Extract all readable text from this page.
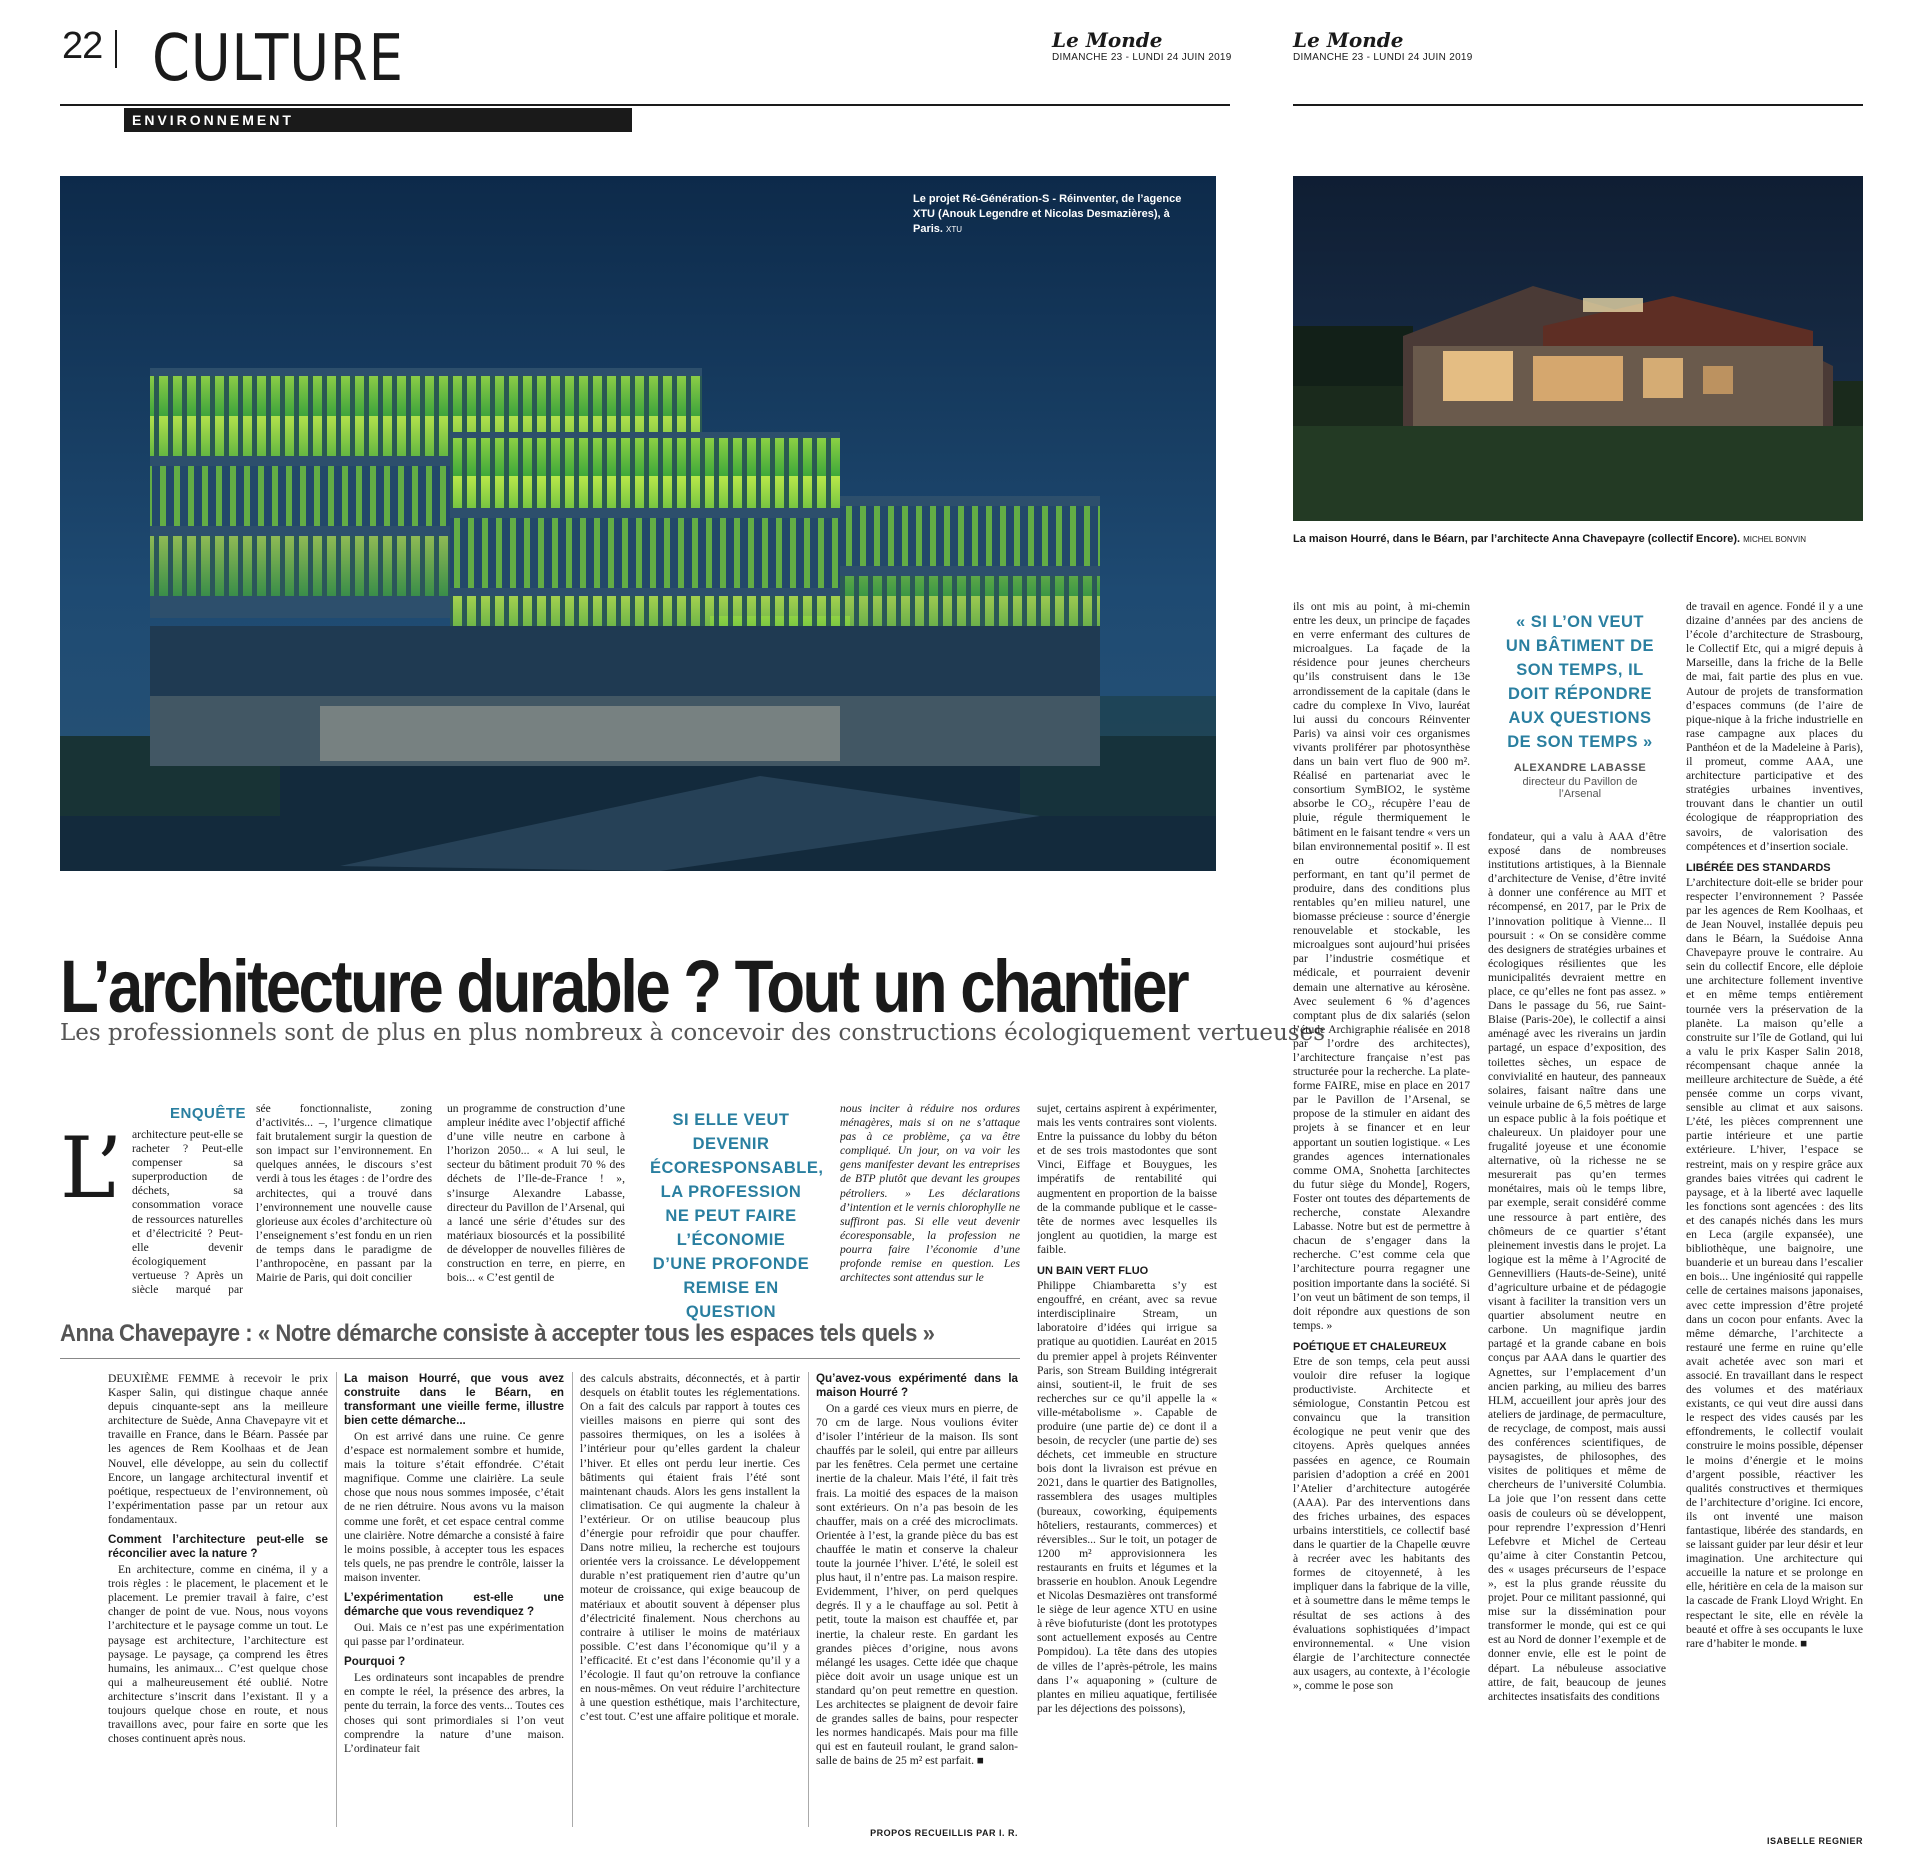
22 CULTURE	Le Monde
DIMANCHE 23 - LUNDI 24 JUIN 2019
ENVIRONNEMENT
Le Monde
DIMANCHE 23 - LUNDI 24 JUIN 2019
Le projet Ré-Génération-S - Réinventer, de l’agence XTU (Anouk Legendre et Nicolas Desmazières), à Paris. XTU
La maison Hourré, dans le Béarn, par l’architecte Anna Chavepayre (collectif Encore). MICHEL BONVIN
L’architecture durable ? Tout un chantier
Les professionnels sont de plus en plus nombreux à concevoir des constructions écologiquement vertueuses
ENQUÊTE
L’ architecture peut-elle se racheter ? Peut-elle compenser sa superproduction de déchets, sa consommation vorace de ressources naturelles et d’électricité ? Peut-elle devenir écologiquement vertueuse ? Après un siècle marqué par

sée fonctionnaliste, zoning d’activités... –, l’urgence climatique fait brutalement surgir la question de son impact sur l’environnement. En quelques années, le discours s’est verdi à tous les étages : de l’ordre des architectes, qui a trouvé dans l’environnement une nouvelle cause glorieuse aux écoles d’architecture où l’enseignement s’est fondu en un rien de temps dans le paradigme de l’anthropocène, en passant par la Mairie de Paris, qui doit concilier

un programme de construction d’une ampleur inédite avec l’objectif affiché d’une ville neutre en carbone à l’horizon 2050... « A lui seul, le secteur du bâtiment produit 70 % des déchets de l’Ile-de-France ! », s’insurge Alexandre Labasse, directeur du Pavillon de l’Arsenal, qui a lancé une série d’études sur des matériaux biosourcés et la possibilité de développer de nouvelles filières de construction en terre, en pierre, en bois... « C’est gentil de

SI ELLE VEUT DEVENIR ÉCORESPONSABLE, LA PROFESSION NE PEUT FAIRE L’ÉCONOMIE D’UNE PROFONDE REMISE EN QUESTION

nous inciter à réduire nos ordures ménagères, mais si on ne s’attaque pas à ce problème, ça va être compliqué. Un jour, on va voir les gens manifester devant les entreprises de BTP plutôt que devant les groupes pétroliers. » Les déclarations d’intention et le vernis chlorophylle ne suffiront pas. Si elle veut devenir écoresponsable, la profession ne pourra faire l’économie d’une profonde remise en question. Les architectes sont attendus sur le

sujet, certains aspirent à expérimenter, mais les vents contraires sont violents. Entre la puissance du lobby du béton et de ses trois mastodontes que sont Vinci, Eiffage et Bouygues, les impératifs de rentabilité qui augmentent en proportion de la baisse de la commande publique et le casse-tête de normes avec lesquelles ils jonglent au quotidien, la marge est faible.

UN BAIN VERT FLUO

Philippe Chiambaretta s’y est engouffré, en créant, avec sa revue interdisciplinaire Stream, un laboratoire d’idées qui irrigue sa pratique au quotidien. Lauréat en 2015 du premier appel à projets Réinventer Paris, son Stream Building intégrerait ainsi, soutient-il, le fruit de ses recherches sur ce qu’il appelle la « ville-métabolisme ». Capable de produire (une partie de) ce dont il a besoin, de recycler (une partie de) ses déchets, cet immeuble en structure bois dont la livraison est prévue en 2021, dans le quartier des Batignolles, rassemblera des usages multiples (bureaux, coworking, équipements hôteliers, restaurants, commerces) et réversibles... Sur le toit, un potager de 1200 m² approvisionnera les restaurants en fruits et légumes et la brasserie en houblon. Anouk Legendre et Nicolas Desmazières ont transformé le siège de leur agence XTU en usine à rêve biofuturiste (dont les prototypes sont actuellement exposés au Centre Pompidou). La tête dans des utopies de villes de l’après-pétrole, les mains dans l’« aquaponing » (culture de plantes en milieu aquatique, fertilisée par les déjections des poissons),

Anna Chavepayre : « Notre démarche consiste à accepter tous les espaces tels quels »

DEUXIÈME FEMME à recevoir le prix Kasper Salin, qui distingue chaque année depuis cinquante-sept ans la meilleure architecture de Suède, Anna Chavepayre vit et travaille en France, dans le Béarn. Passée par les agences de Rem Koolhaas et de Jean Nouvel, elle développe, au sein du collectif Encore, un langage architectural inventif et poétique, respectueux de l’environnement, où l’expérimentation passe par un retour aux fondamentaux.

Comment l’architecture peut-elle se réconcilier avec la nature ?

En architecture, comme en cinéma, il y a trois règles : le placement, le placement et le placement. Le premier travail à faire, c’est changer de point de vue. Nous, nous voyons l’architecture et le paysage comme un tout. Le paysage est architecture, l’architecture est paysage. Le paysage, ça comprend les êtres humains, les animaux... C’est quelque chose qui a malheureusement été oublié. Notre architecture s’inscrit dans l’existant. Il y a toujours quelque chose en route, et nous travaillons avec, pour faire en sorte que les choses continuent après nous.

La maison Hourré, que vous avez construite dans le Béarn, en transformant une vieille ferme, illustre bien cette démarche...

On est arrivé dans une ruine. Ce genre d’espace est normalement sombre et humide, mais la toiture s’était effondrée. C’était magnifique. Comme une clairière. La seule chose que nous nous sommes imposée, c’était de ne rien détruire. Nous avons vu la maison comme une forêt, et cet espace central comme une clairière. Notre démarche a consisté à faire le moins possible, à accepter tous les espaces tels quels, ne pas prendre le contrôle, laisser la maison inventer.

L’expérimentation est-elle une démarche que vous revendiquez ?

Oui. Mais ce n’est pas une expérimentation qui passe par l’ordinateur.

Pourquoi ?

Les ordinateurs sont incapables de prendre en compte le réel, la présence des arbres, la pente du terrain, la force des vents... Toutes ces choses qui sont primordiales si l’on veut comprendre la nature d’une maison. L’ordinateur fait

des calculs abstraits, déconnectés, et à partir desquels on établit toutes les réglementations. On a fait des calculs par rapport à toutes ces vieilles maisons en pierre qui sont des passoires thermiques, on les a isolées à l’intérieur pour qu’elles gardent la chaleur l’hiver. Et elles ont perdu leur inertie. Ces bâtiments qui étaient frais l’été sont maintenant chauds. Alors les gens installent la climatisation. Ce qui augmente la chaleur à l’extérieur. Or on utilise beaucoup plus d’énergie pour refroidir que pour chauffer. Dans notre milieu, la recherche est toujours orientée vers la croissance. Le développement durable n’est pratiquement rien d’autre qu’un moteur de croissance, qui exige beaucoup de matériaux et aboutit souvent à dépenser plus d’électricité finalement. Nous cherchons au contraire à utiliser le moins de matériaux possible. C’est dans l’économique qu’il y a l’efficacité. Et c’est dans l’économie qu’il y a l’écologie. Il faut qu’on retrouve la confiance en nous-mêmes. On veut réduire l’architecture à une question esthétique, mais l’architecture, c’est tout. C’est une affaire politique et morale.

Qu’avez-vous expérimenté dans la maison Hourré ?

On a gardé ces vieux murs en pierre, de 70 cm de large. Nous voulions éviter d’isoler l’intérieur de la maison. Ils sont chauffés par le soleil, qui entre par ailleurs par les fenêtres. Cela permet une certaine inertie de la chaleur. Mais l’été, il fait très frais. La moitié des espaces de la maison sont extérieurs. On n’a pas besoin de les chauffer, mais on a créé des microclimats. Orientée à l’est, la grande pièce du bas est chauffée le matin et conserve la chaleur toute la journée l’hiver. L’été, le soleil est plus haut, il n’entre pas. La maison respire. Evidemment, l’hiver, on perd quelques degrés. Il y a le chauffage au sol. Petit à petit, toute la maison est chauffée et, par inertie, la chaleur reste. En gardant les grandes pièces d’origine, nous avons mélangé les usages. Cette idée que chaque pièce doit avoir un usage unique est un standard qu’on peut remettre en question. Les architectes se plaignent de devoir faire de grandes salles de bains, pour respecter les normes handicapés. Mais pour ma fille qui est en fauteuil roulant, le grand salon-salle de bains de 25 m² est parfait. ■

PROPOS RECUEILLIS PAR I. R.

ils ont mis au point, à mi-chemin entre les deux, un principe de façades en verre enfermant des cultures de microalgues. La façade de la résidence pour jeunes chercheurs qu’ils construisent dans le 13e arrondissement de la capitale (dans le cadre du complexe In Vivo, lauréat lui aussi du concours Réinventer Paris) va ainsi voir ces organismes vivants proliférer par photosynthèse dans un bain vert fluo de 900 m². Réalisé en partenariat avec le consortium SymBIO2, le système absorbe le CO₂, récupère l’eau de pluie, régule thermiquement le bâtiment en le faisant tendre « vers un bilan environnemental positif ». Il est en outre économiquement performant, en tant qu’il permet de produire, dans des conditions plus rentables qu’en milieu naturel, une biomasse précieuse : source d’énergie renouvelable et stockable, les microalgues sont aujourd’hui prisées par l’industrie cosmétique et médicale, et pourraient devenir demain une alternative au kérosène. Avec seulement 6 % d’agences comptant plus de dix salariés (selon l’étude Archigraphie réalisée en 2018 par l’ordre des architectes), l’architecture française n’est pas structurée pour la recherche. La plate-forme FAIRE, mise en place en 2017 par le Pavillon de l’Arsenal, se propose de la stimuler en aidant des projets à se financer et en leur apportant un soutien logistique. « Les grandes agences internationales comme OMA, Snohetta [architectes du futur siège du Monde], Rogers, Foster ont toutes des départements de recherche, constate Alexandre Labasse. Notre but est de permettre à chacun de s’engager dans la recherche. C’est comme cela que l’architecture pourra regagner une position importante dans la société. Si l’on veut un bâtiment de son temps, il doit répondre aux questions de son temps. »

POÉTIQUE ET CHALEUREUX

Etre de son temps, cela peut aussi vouloir dire refuser la logique productiviste. Architecte et sémiologue, Constantin Petcou est convaincu que la transition écologique ne peut venir que des citoyens. Après quelques années passées en agence, ce Roumain parisien d’adoption a créé en 2001 l’Atelier d’architecture autogérée (AAA). Par des interventions dans des friches urbaines, des espaces urbains interstitiels, ce collectif basé dans le quartier de la Chapelle œuvre à recréer avec les habitants des formes de citoyenneté, à les impliquer dans la fabrique de la ville, et à soumettre dans le même temps le résultat de ses actions à des évaluations sophistiquées d’impact environnemental. « Une vision élargie de l’architecture connectée aux usagers, au contexte, à l’écologie », comme le pose son

« SI L’ON VEUT UN BÂTIMENT DE SON TEMPS, IL DOIT RÉPONDRE AUX QUESTIONS DE SON TEMPS »
ALEXANDRE LABASSE
directeur du Pavillon de l’Arsenal

fondateur, qui a valu à AAA d’être exposé dans de nombreuses institutions artistiques, à la Biennale d’architecture de Venise, d’être invité à donner une conférence au MIT et récompensé, en 2017, par le Prix de l’innovation politique à Vienne... Il poursuit : « On se considère comme des designers de stratégies urbaines et écologiques résilientes que les municipalités devraient mettre en place, ce qu’elles ne font pas assez. » Dans le passage du 56, rue Saint-Blaise (Paris-20e), le collectif a ainsi aménagé avec les riverains un jardin partagé, un espace d’exposition, des toilettes sèches, un espace de convivialité en hauteur, des panneaux solaires, faisant naître dans une veinule urbaine de 6,5 mètres de large un espace public à la fois poétique et chaleureux. Un plaidoyer pour une frugalité joyeuse et une économie alternative, où la richesse ne se mesurerait pas qu’en termes monétaires, mais où le temps libre, par exemple, serait considéré comme une ressource à part entière, des chômeurs de ce quartier s’étant pleinement investis dans le projet. La logique est la même à l’Agrocité de Gennevilliers (Hauts-de-Seine), unité d’agriculture urbaine et de pédagogie visant à faciliter la transition vers un quartier absolument neutre en carbone. Un magnifique jardin partagé et la grande cabane en bois conçus par AAA dans le quartier des Agnettes, sur l’emplacement d’un ancien parking, au milieu des barres HLM, accueillent jour après jour des ateliers de jardinage, de permaculture, de recyclage, de compost, mais aussi des conférences scientifiques, de paysagistes, de philosophes, des visites de politiques et même de chercheurs de l’université Columbia. La joie que l’on ressent dans cette oasis de couleurs où se développent, pour reprendre l’expression d’Henri Lefebvre et Michel de Certeau qu’aime à citer Constantin Petcou, des « usages précurseurs de l’espace », est la plus grande réussite du projet. Pour ce militant passionné, qui mise sur la dissémination pour transformer le monde, qui est ce qui est au Nord de donner l’exemple et de donner envie, elle est le point de départ. La nébuleuse associative attire, de fait, beaucoup de jeunes architectes insatisfaits des conditions

de travail en agence. Fondé il y a une dizaine d’années par des anciens de l’école d’architecture de Strasbourg, le Collectif Etc, qui a migré depuis à Marseille, dans la friche de la Belle de mai, fait partie des plus en vue. Autour de projets de transformation d’espaces communs (de l’aire de pique-nique à la friche industrielle en rase campagne aux places du Panthéon et de la Madeleine à Paris), il promeut, comme AAA, une architecture participative et des stratégies urbaines inventives, trouvant dans le chantier un outil écologique de réappropriation des savoirs, de valorisation des compétences et d’insertion sociale.

LIBÉRÉE DES STANDARDS

L’architecture doit-elle se brider pour respecter l’environnement ? Passée par les agences de Rem Koolhaas, et de Jean Nouvel, installée depuis peu dans le Béarn, la Suédoise Anna Chavepayre prouve le contraire. Au sein du collectif Encore, elle déploie une architecture follement inventive et en même temps entièrement tournée vers la préservation de la planète. La maison qu’elle a construite sur l’île de Gotland, qui lui a valu le prix Kasper Salin 2018, récompensant chaque année la meilleure architecture de Suède, a été pensée comme un corps vivant, sensible au climat et aux saisons. L’été, les pièces comprennent une partie intérieure et une partie extérieure. L’hiver, l’espace se restreint, mais on y respire grâce aux grandes baies vitrées qui cadrent le paysage, et à la liberté avec laquelle les fonctions sont agencées : des lits et des canapés nichés dans les murs en Leca (argile expansée), une bibliothèque, une baignoire, une buanderie et un bureau dans l’escalier en bois... Une ingéniosité qui rappelle celle de certaines maisons japonaises, avec cette impression d’être projeté dans un cocon pour enfants. Avec la même démarche, l’architecte a restauré une ferme en ruine qu’elle avait achetée avec son mari et associé. En travaillant dans le respect des volumes et des matériaux existants, ce qui veut dire aussi dans le respect des vides causés par les effondrements, le collectif voulait construire le moins possible, dépenser le moins d’énergie et le moins d’argent possible, réactiver les qualités constructives et thermiques de l’architecture d’origine. Ici encore, ils ont inventé une maison fantastique, libérée des standards, en se laissant guider par leur désir et leur imagination. Une architecture qui accueille la nature et se prolonge en elle, héritière en cela de la maison sur la cascade de Frank Lloyd Wright. En respectant le site, elle en révèle la beauté et offre à ses occupants le luxe rare d’habiter le monde. ■

ISABELLE REGNIER
